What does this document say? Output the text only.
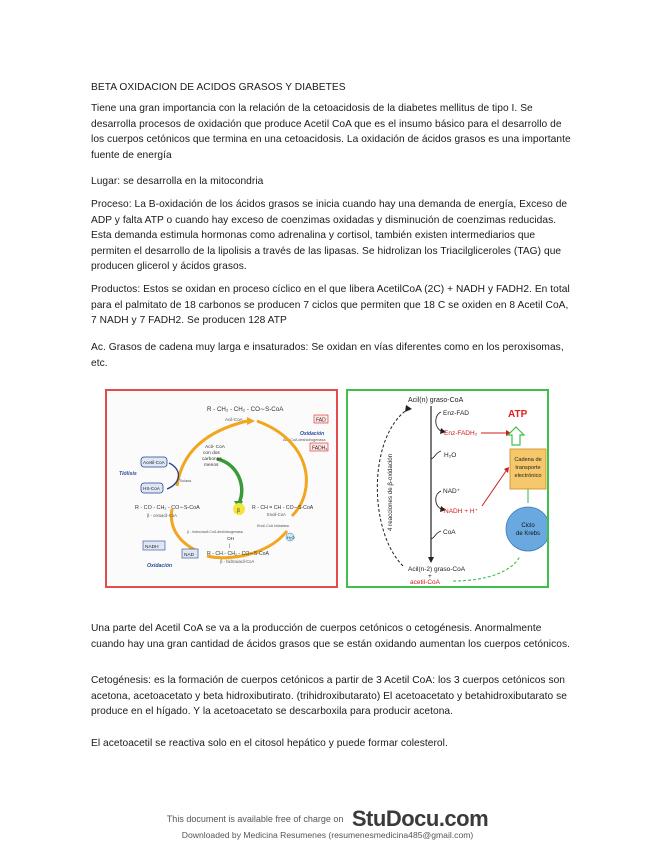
BETA OXIDACION DE ACIDOS GRASOS Y DIABETES

Tiene una gran importancia con la relación de la cetoacidosis de la diabetes mellitus de tipo I. Se desarrolla procesos de oxidación que produce Acetil CoA que es el insumo básico para el desarrollo de los cuerpos cetónicos que termina en una cetoacidosis. La oxidación de ácidos grasos es una importante fuente de energía

Lugar: se desarrolla en la mitocondria

Proceso: La B-oxidación de los ácidos grasos se inicia cuando hay una demanda de energía, Exceso de ADP y falta ATP o cuando hay exceso de coenzimas oxidadas y disminución de coenzimas reducidas. Esta demanda estimula hormonas como adrenalina y cortisol, también existen intermediarios que permiten el desarrollo de la lipolisis a través de las lipasas. Se hidrolizan los Triacilgliceroles (TAG) que producen glicerol y ácidos grasos.

Productos: Estos se oxidan en proceso cíclico en el que libera AcetilCoA (2C) + NADH y FADH2. En total para el palmitato de 18 carbonos se producen 7 ciclos que permiten que 18 C se oxiden en 8 Acetil CoA, 7 NADH y 7 FADH2. Se producen 128 ATP

Ac. Grasos de cadena muy larga e insaturados: Se oxidan en vías diferentes como en los peroxisomas, etc.

R - CH₂ - CH₂ - CO∼S-CoA
Acil-CoA	FAD
Oxidación
FADH₂
Acil CoA deshidrogenasa
Acil- CoA con dos carbonos menos
β
Acetil-CoA
Tiólisis
HS-CoA
Tiolasa
R - CO - CH₂ - CO∼S-CoA
β - cetoacil-CoA
R - CH = CH - CO∼S-CoA
Enoil-CoA
Enoil-CoA hidratasa
H₂O
β - hidroxiacil-CoA deshidrogenasa
NADH
NAD
OH
|
R - CH - CH₂ - CO∼S-CoA
β - hidroxiacil-CoA
Oxidación
Acil(n) graso-CoA
4 reacciones de β-oxidación
Enz-FAD
Enz-FADH₂
H₂O
NAD⁺
NADH + H⁺
CoA
Acil(n-2) graso-CoA
+
acetil-CoA
ATP
Cadena de
transporte
electrónico
Ciclo
de Krebs

Una parte del Acetil CoA se va a la producción de cuerpos cetónicos o cetogénesis. Anormalmente cuando hay una gran cantidad de ácidos grasos que se están oxidando aumentan los cuerpos cetónicos.

Cetogénesis: es la formación de cuerpos cetónicos a partir de 3 Acetil CoA: los 3 cuerpos cetónicos son acetona, acetoacetato y beta hidroxibutirato. (trihidroxibutarato) El acetoacetato y betahidroxibutarato se produce en el hígado. Y la acetoacetato se descarboxila para producir acetona.

El acetoacetil se reactiva solo en el citosol hepático y puede formar colesterol.

This document is available free of charge on StuDocu.com
Downloaded by Medicina Resumenes (resumenesmedicina485@gmail.com)
